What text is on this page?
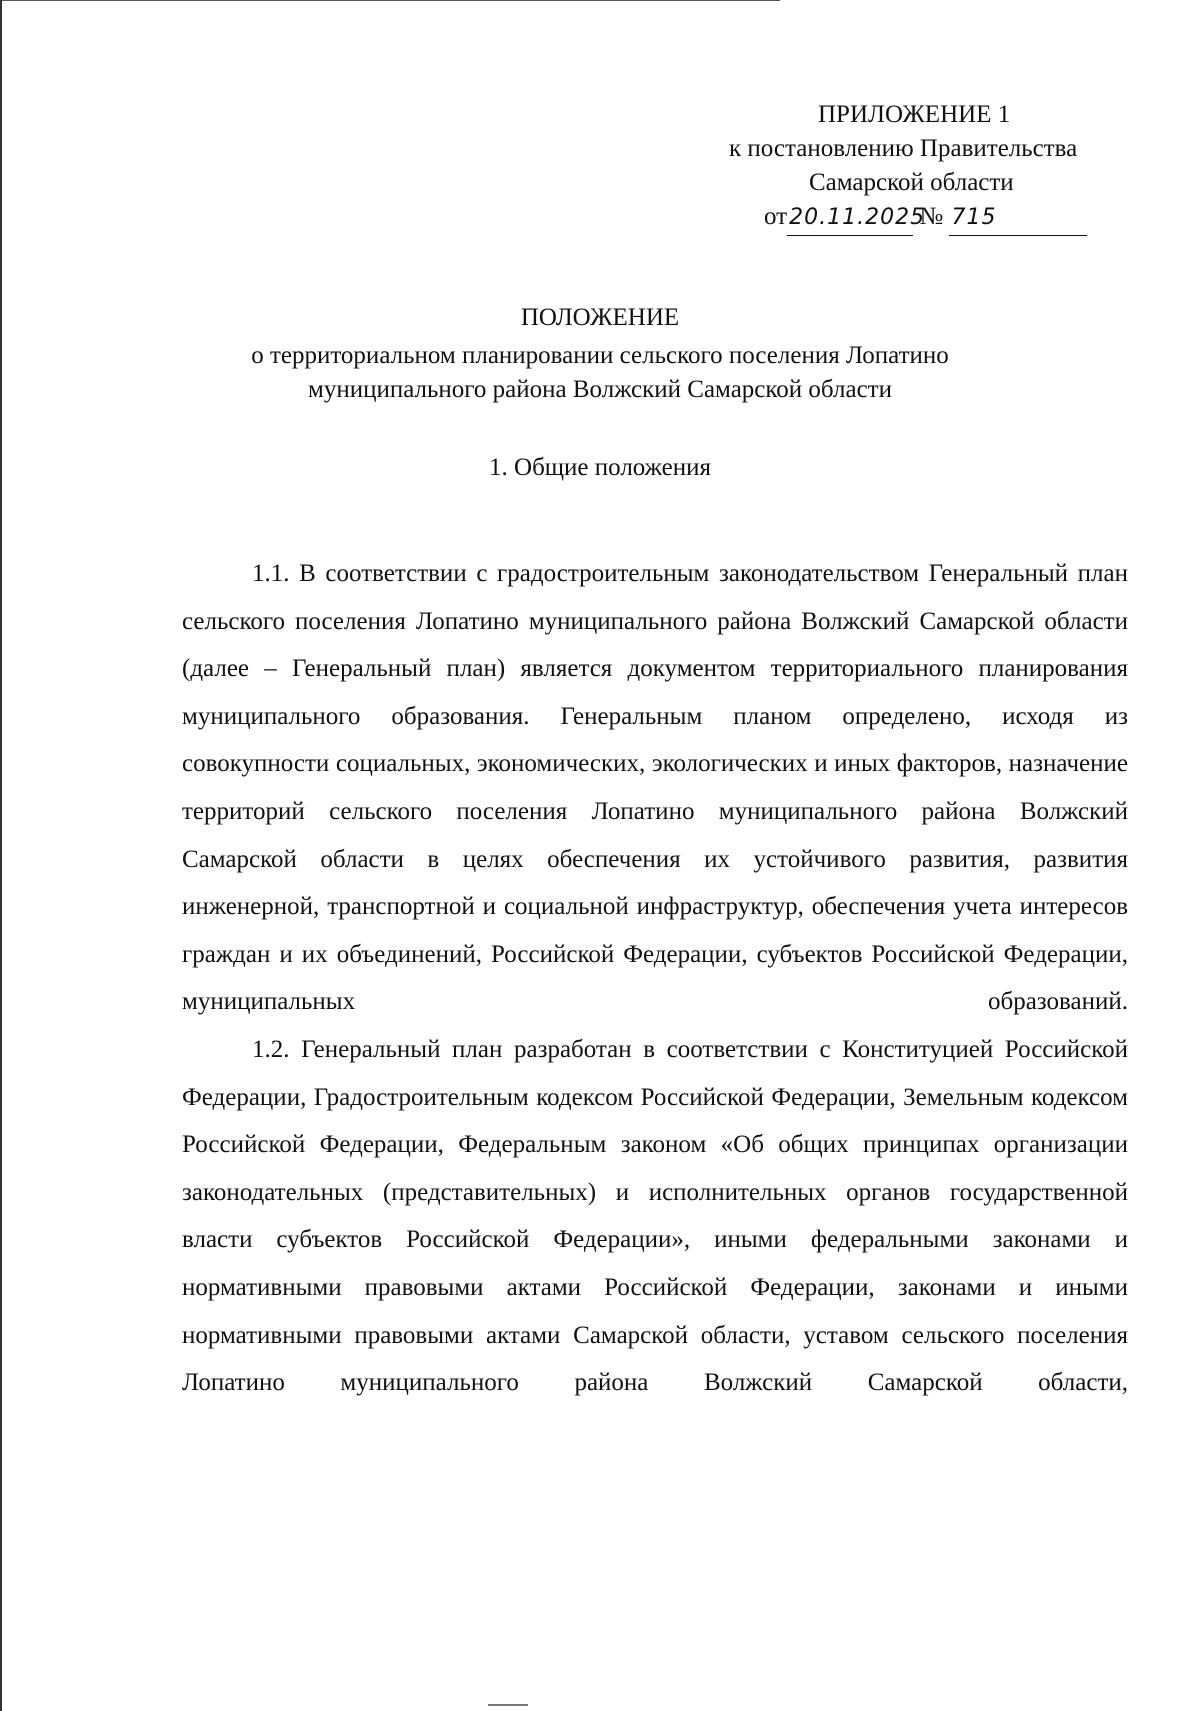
ПРИЛОЖЕНИЕ 1
к постановлению Правительства
Самарской области
от20.11.2025 № 715
ПОЛОЖЕНИЕ
о территориальном планировании сельского поселения Лопатино
муниципального района Волжский Самарской области
1. Общие положения

1.1. В соответствии с градостроительным законодательством Генеральный план сельского поселения Лопатино муниципального района Волжский Самарской области (далее – Генеральный план) является документом территориального планирования муниципального образования. Генеральным планом определено, исходя из совокупности социальных, экономических, экологических и иных факторов, назначение территорий сельского поселения Лопатино муниципального района Волжский Самарской области в целях обеспечения их устойчивого развития, развития инженерной, транспортной и социальной инфраструктур, обеспечения учета интересов граждан и их объединений, Российской Федерации, субъектов Российской Федерации, муниципальных образований.

1.2. Генеральный план разработан в соответствии с Конституцией Российской Федерации, Градостроительным кодексом Российской Федерации, Земельным кодексом Российской Федерации, Федеральным законом «Об общих принципах организации законодательных (представительных) и исполнительных органов государственной власти субъектов Российской Федерации», иными федеральными законами и нормативными правовыми актами Российской Федерации, законами и иными нормативными правовыми актами Самарской области, уставом сельского поселения Лопатино муниципального района Волжский Самарской области,
